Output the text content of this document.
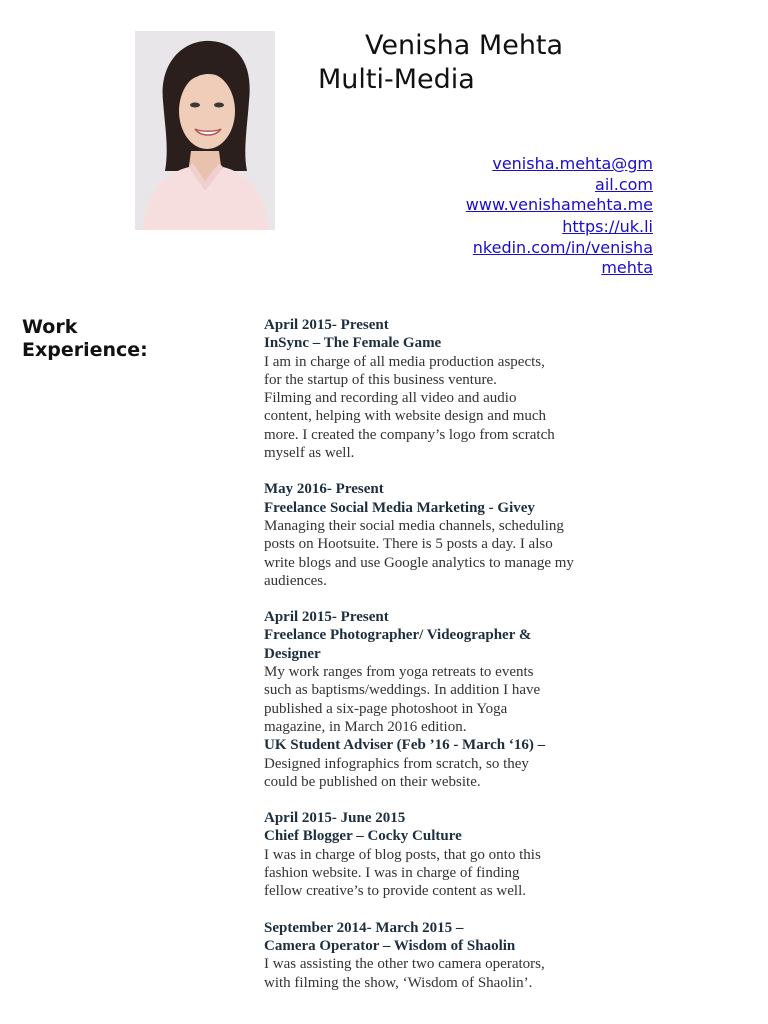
Venisha Mehta
Multi-Media
venisha.mehta@gm
ail.com
www.venishamehta.me
https://uk.li
nkedin.com/in/venisha
mehta
Work
Experience:
April 2015- Present
InSync – The Female Game
I am in charge of all media production aspects,
for the startup of this business venture.
Filming and recording all video and audio
content, helping with website design and much
more. I created the company’s logo from scratch
myself as well.
May 2016- Present
Freelance Social Media Marketing - Givey
Managing their social media channels, scheduling
posts on Hootsuite. There is 5 posts a day. I also
write blogs and use Google analytics to manage my
audiences.
April 2015- Present
Freelance Photographer/ Videographer &
Designer
My work ranges from yoga retreats to events
such as baptisms/weddings. In addition I have
published a six-page photoshoot in Yoga
magazine, in March 2016 edition.
UK Student Adviser (Feb ’16 - March ‘16) –
Designed infographics from scratch, so they
could be published on their website.
April 2015- June 2015
Chief Blogger – Cocky Culture
I was in charge of blog posts, that go onto this
fashion website. I was in charge of finding
fellow creative’s to provide content as well.
September 2014- March 2015 –
Camera Operator – Wisdom of Shaolin
I was assisting the other two camera operators,
with filming the show, ‘Wisdom of Shaolin’.
